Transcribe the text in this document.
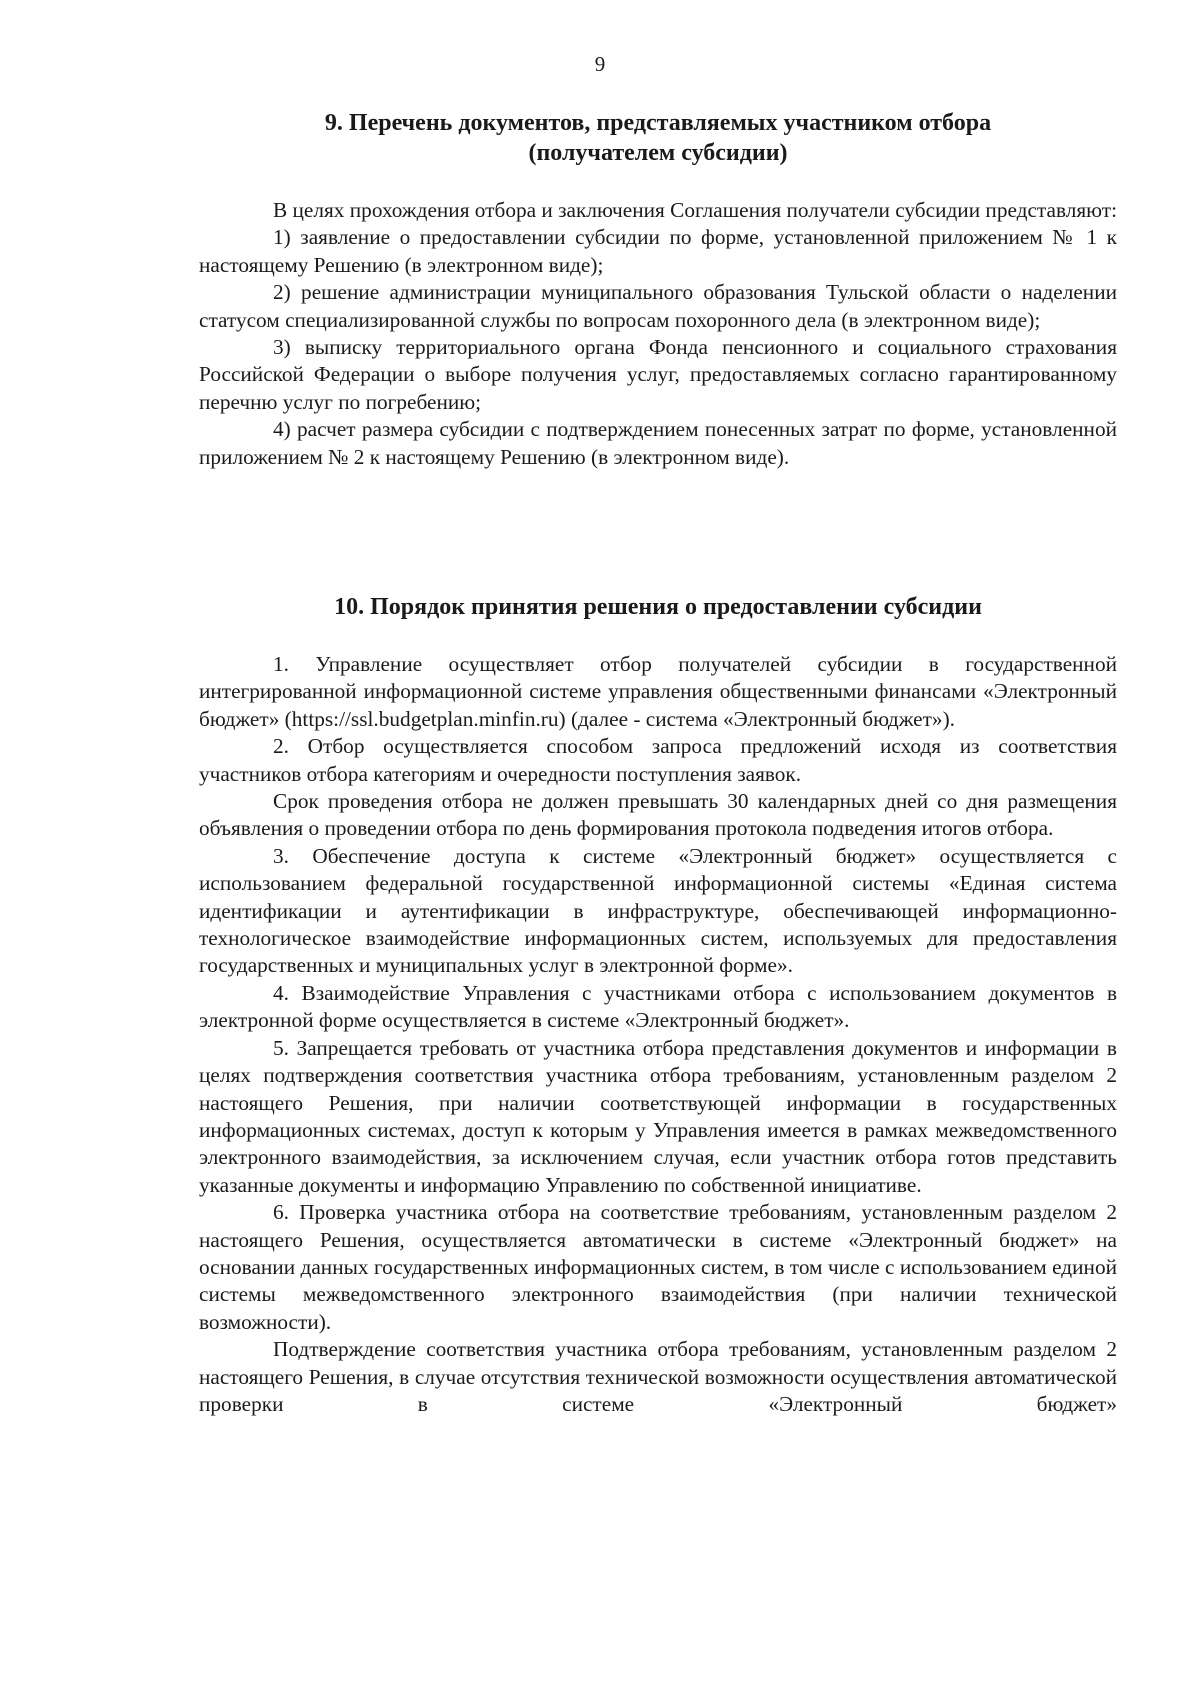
9

9. Перечень документов, представляемых участником отбора

(получателем субсидии)

В целях прохождения отбора и заключения Соглашения получатели субсидии представляют:

1) заявление о предоставлении субсидии по форме, установленной приложением № 1 к настоящему Решению (в электронном виде);

2) решение администрации муниципального образования Тульской области о наделении статусом специализированной службы по вопросам похоронного дела (в электронном виде);

3) выписку территориального органа Фонда пенсионного и социального страхования Российской Федерации о выборе получения услуг, предоставляемых согласно гарантированному перечню услуг по погребению;

4) расчет размера субсидии с подтверждением понесенных затрат по форме, установленной приложением № 2 к настоящему Решению (в электронном виде).

10. Порядок принятия решения о предоставлении субсидии

1. Управление осуществляет отбор получателей субсидии в государственной интегрированной информационной системе управления общественными финансами «Электронный бюджет» (https://ssl.budgetplan.minfin.ru) (далее - система «Электронный бюджет»).

2. Отбор осуществляется способом запроса предложений исходя из соответствия участников отбора категориям и очередности поступления заявок.

Срок проведения отбора не должен превышать 30 календарных дней со дня размещения объявления о проведении отбора по день формирования протокола подведения итогов отбора.

3. Обеспечение доступа к системе «Электронный бюджет» осуществляется с использованием федеральной государственной информационной системы «Единая система идентификации и аутентификации в инфраструктуре, обеспечивающей информационно-технологическое взаимодействие информационных систем, используемых для предоставления государственных и муниципальных услуг в электронной форме».

4. Взаимодействие Управления с участниками отбора с использованием документов в электронной форме осуществляется в системе «Электронный бюджет».

5. Запрещается требовать от участника отбора представления документов и информации в целях подтверждения соответствия участника отбора требованиям, установленным разделом 2 настоящего Решения, при наличии соответствующей информации в государственных информационных системах, доступ к которым у Управления имеется в рамках межведомственного электронного взаимодействия, за исключением случая, если участник отбора готов представить указанные документы и информацию Управлению по собственной инициативе.

6. Проверка участника отбора на соответствие требованиям, установленным разделом 2 настоящего Решения, осуществляется автоматически в системе «Электронный бюджет» на основании данных государственных информационных систем, в том числе с использованием единой системы межведомственного электронного взаимодействия (при наличии технической возможности).

Подтверждение соответствия участника отбора требованиям, установленным разделом 2 настоящего Решения, в случае отсутствия технической возможности осуществления автоматической проверки в системе «Электронный бюджет»
